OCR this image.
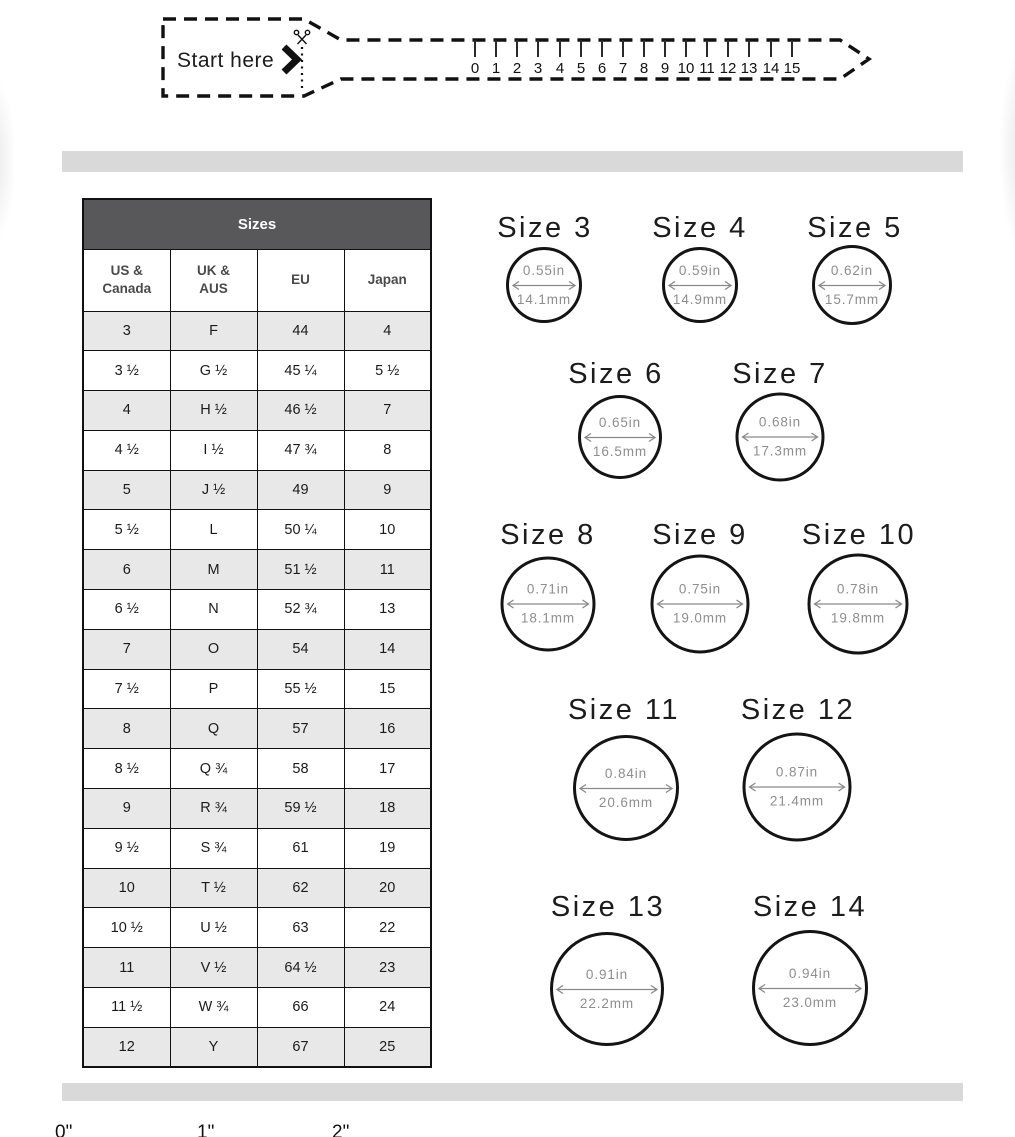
Start here	0 1 2 3 4 5 6 7 8 9 10 11 12 13 14 15
Sizes			
US & Canada	UK & AUS	EU	Japan
3	F	44	4
3 ½	G ½	45 ¼	5 ½
4	H ½	46 ½	7
4 ½	I ½	47 ¾	8
5	J ½	49	9
5 ½	L	50 ¼	10
6	M	51 ½	11
6 ½	N	52 ¾	13
7	O	54	14
7 ½	P	55 ½	15
8	Q	57	16
8 ½	Q ¾	58	17
9	R ¾	59 ½	18
9 ½	S ¾	61	19
10	T ½	62	20
10 ½	U ½	63	22
11	V ½	64 ½	23
11 ½	W ¾	66	24
12	Y	67	25
Size 3
0.55in
14.1mm
Size 4
0.59in
14.9mm
Size 5
0.62in
15.7mm
Size 6
0.65in
16.5mm
Size 7
0.68in
17.3mm
Size 8
0.71in
18.1mm
Size 9
0.75in
19.0mm
Size 10
0.78in
19.8mm
Size 11
0.84in
20.6mm
Size 12
0.87in
21.4mm
Size 13
0.91in
22.2mm
Size 14
0.94in
23.0mm
0"	1"	2"
